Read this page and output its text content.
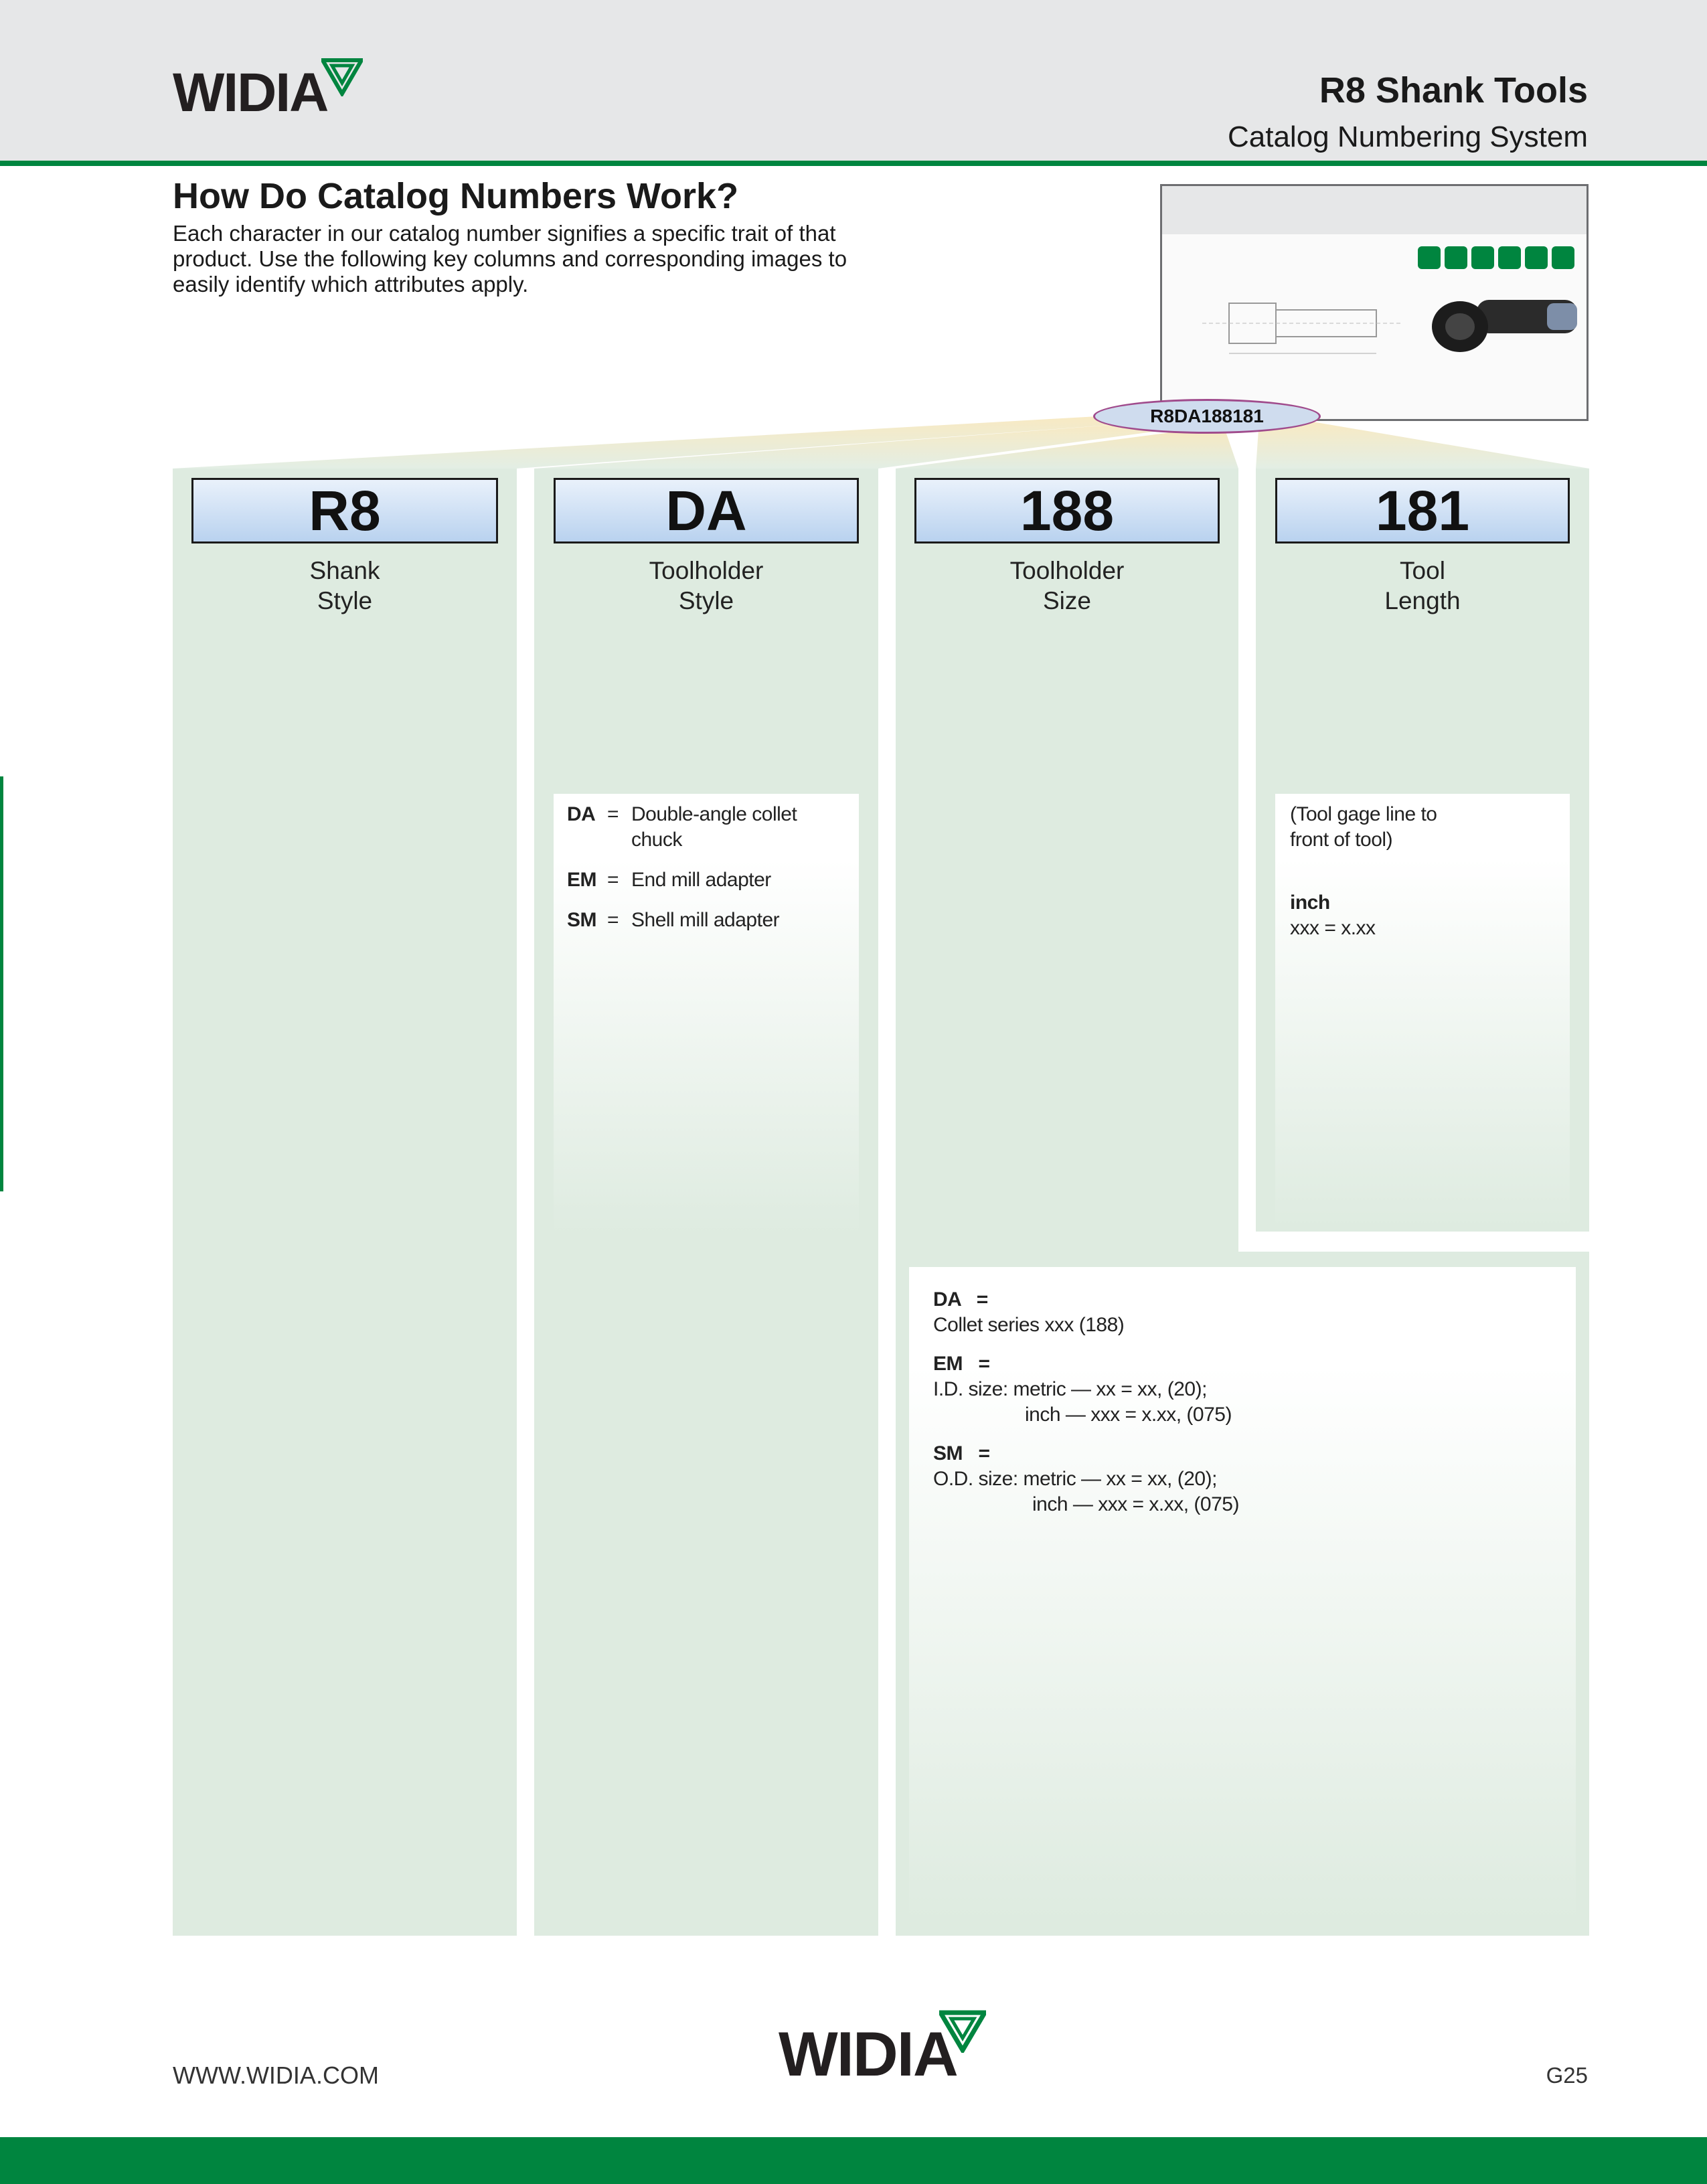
WIDIA	R8 Shank Tools
Catalog Numbering System
How Do Catalog Numbers Work?
Each character in our catalog number signifies a specific trait of that product. Use the following key columns and corresponding images to easily identify which attributes apply.
R8DA188181
R8	DA	188	181
Shank
Style
Toolholder
Style
Toolholder
Size
Tool
Length
DA = Double-angle collet chuck
EM = End mill adapter
SM = Shell mill adapter
(Tool gage line to front of tool)
inch
xxx = x.xx
DA   =
Collet series xxx (188)
EM   =
I.D. size: metric — xx = xx, (20);
inch — xxx = x.xx, (075)
SM   =
O.D. size: metric — xx = xx, (20);
inch — xxx = x.xx, (075)
WWW.WIDIA.COM	WIDIA	G25
